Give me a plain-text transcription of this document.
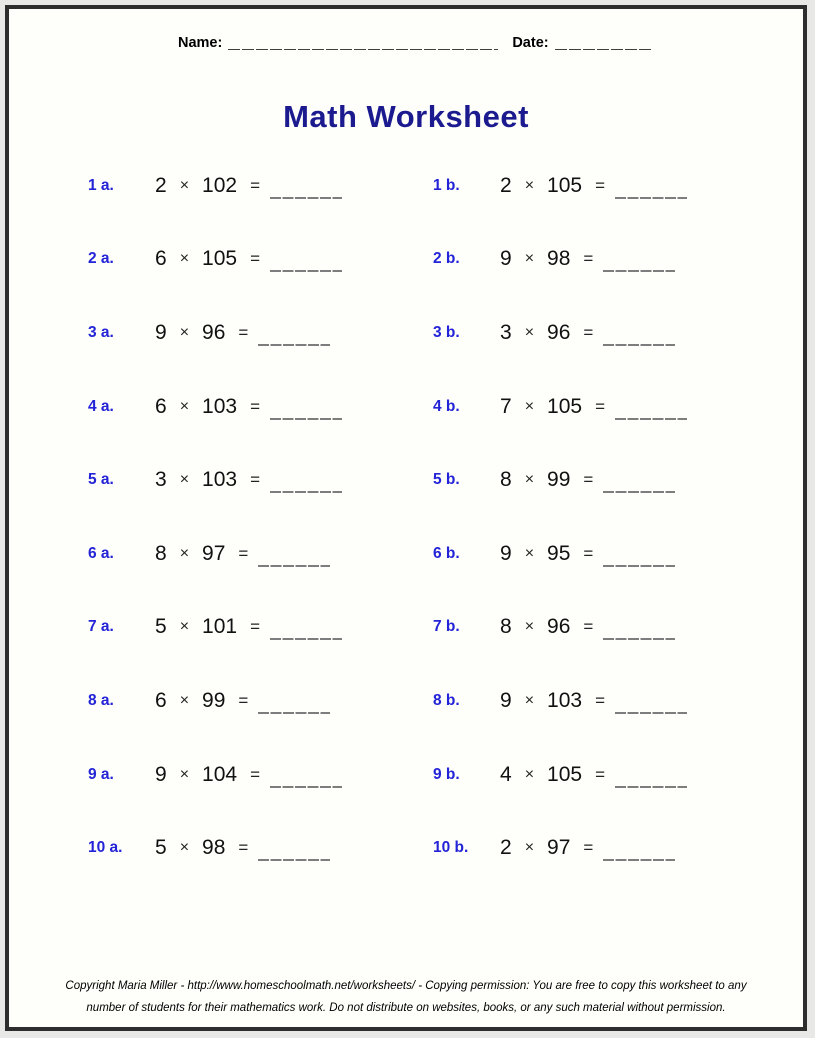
Name:	Date:
Math Worksheet
1 a.	2 × 102 =	1 b.	2 × 105 =
2 a.	6 × 105 =	2 b.	9 × 98 =
3 a.	9 × 96 =	3 b.	3 × 96 =
4 a.	6 × 103 =	4 b.	7 × 105 =
5 a.	3 × 103 =	5 b.	8 × 99 =
6 a.	8 × 97 =	6 b.	9 × 95 =
7 a.	5 × 101 =	7 b.	8 × 96 =
8 a.	6 × 99 =	8 b.	9 × 103 =
9 a.	9 × 104 =	9 b.	4 × 105 =
10 a.	5 × 98 =	10 b.	2 × 97 =
Copyright Maria Miller - http://www.homeschoolmath.net/worksheets/ - Copying permission: You are free to copy this worksheet to any
number of students for their mathematics work. Do not distribute on websites, books, or any such material without permission.
